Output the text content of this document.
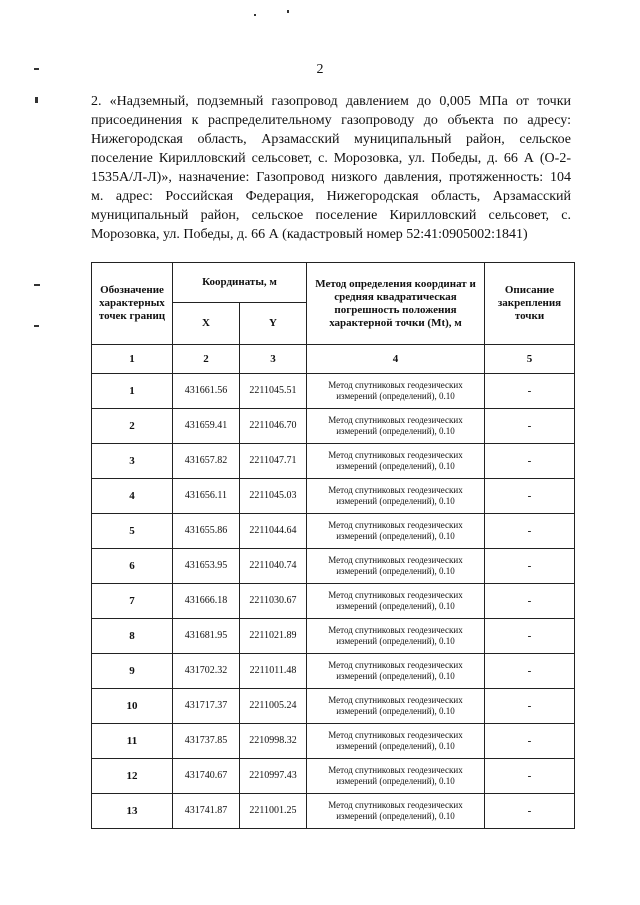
2

2. «Надземный, подземный газопровод давлением до 0,005 МПа от точки
присоединения к распределительному газопроводу до объекта по адресу:
Нижегородская область, Арзамасский муниципальный район, сельское
поселение Кирилловский сельсовет, с. Морозовка, ул. Победы, д. 66 А (О-2-
1535А/Л-Л)», назначение: Газопровод низкого давления, протяженность: 104
м. адрес: Российская Федерация, Нижегородская область, Арзамасский
муниципальный район, сельское поселение Кирилловский сельсовет, с.
Морозовка, ул. Победы, д. 66 А (кадастровый номер 52:41:0905002:1841)

Обозначение характерных точек границ	Координаты, м		Метод определения координат и средняя квадратическая погрешность положения характерной точки (Mt), м	Описание закрепления точки
	X	Y		
1	2	3	4	5
1	431661.56	2211045.51	Метод спутниковых геодезических измерений (определений), 0.10	-
2	431659.41	2211046.70	Метод спутниковых геодезических измерений (определений), 0.10	-
3	431657.82	2211047.71	Метод спутниковых геодезических измерений (определений), 0.10	-
4	431656.11	2211045.03	Метод спутниковых геодезических измерений (определений), 0.10	-
5	431655.86	2211044.64	Метод спутниковых геодезических измерений (определений), 0.10	-
6	431653.95	2211040.74	Метод спутниковых геодезических измерений (определений), 0.10	-
7	431666.18	2211030.67	Метод спутниковых геодезических измерений (определений), 0.10	-
8	431681.95	2211021.89	Метод спутниковых геодезических измерений (определений), 0.10	-
9	431702.32	2211011.48	Метод спутниковых геодезических измерений (определений), 0.10	-
10	431717.37	2211005.24	Метод спутниковых геодезических измерений (определений), 0.10	-
11	431737.85	2210998.32	Метод спутниковых геодезических измерений (определений), 0.10	-
12	431740.67	2210997.43	Метод спутниковых геодезических измерений (определений), 0.10	-
13	431741.87	2211001.25	Метод спутниковых геодезических измерений (определений), 0.10	-
